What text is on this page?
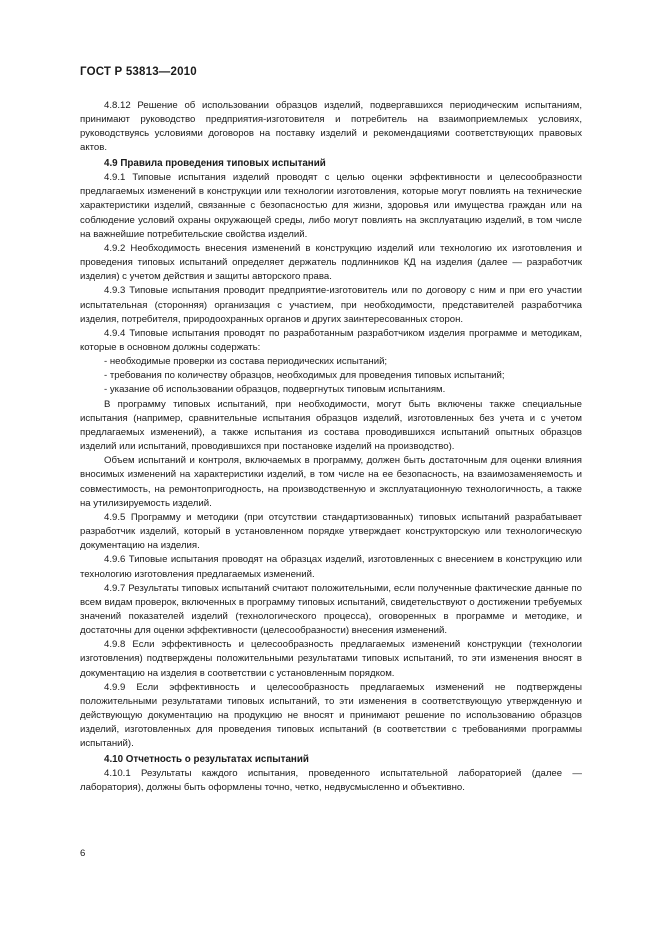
ГОСТ Р 53813—2010

4.8.12 Решение об использовании образцов изделий, подвергавшихся периодическим испытаниям, принимают руководство предприятия-изготовителя и потребитель на взаимоприемлемых условиях, руководствуясь условиями договоров на поставку изделий и рекомендациями соответствующих правовых актов.

4.9 Правила проведения типовых испытаний

4.9.1 Типовые испытания изделий проводят с целью оценки эффективности и целесообразности предлагаемых изменений в конструкции или технологии изготовления, которые могут повлиять на технические характеристики изделий, связанные с безопасностью для жизни, здоровья или имущества граждан или на соблюдение условий охраны окружающей среды, либо могут повлиять на эксплуатацию изделий, в том числе на важнейшие потребительские свойства изделий.

4.9.2 Необходимость внесения изменений в конструкцию изделий или технологию их изготовления и проведения типовых испытаний определяет держатель подлинников КД на изделия (далее — разработчик изделия) с учетом действия и защиты авторского права.

4.9.3 Типовые испытания проводит предприятие-изготовитель или по договору с ним и при его участии испытательная (сторонняя) организация с участием, при необходимости, представителей разработчика изделия, потребителя, природоохранных органов и других заинтересованных сторон.

4.9.4 Типовые испытания проводят по разработанным разработчиком изделия программе и методикам, которые в основном должны содержать:

- необходимые проверки из состава периодических испытаний;

- требования по количеству образцов, необходимых для проведения типовых испытаний;

- указание об использовании образцов, подвергнутых типовым испытаниям.

В программу типовых испытаний, при необходимости, могут быть включены также специальные испытания (например, сравнительные испытания образцов изделий, изготовленных без учета и с учетом предлагаемых изменений), а также испытания из состава проводившихся испытаний опытных образцов изделий или испытаний, проводившихся при постановке изделий на производство).

Объем испытаний и контроля, включаемых в программу, должен быть достаточным для оценки влияния вносимых изменений на характеристики изделий, в том числе на ее безопасность, на взаимозаменяемость и совместимость, на ремонтопригодность, на производственную и эксплуатационную технологичность, а также на утилизируемость изделий.

4.9.5 Программу и методики (при отсутствии стандартизованных) типовых испытаний разрабатывает разработчик изделий, который в установленном порядке утверждает конструкторскую или технологическую документацию на изделия.

4.9.6 Типовые испытания проводят на образцах изделий, изготовленных с внесением в конструкцию или технологию изготовления предлагаемых изменений.

4.9.7 Результаты типовых испытаний считают положительными, если полученные фактические данные по всем видам проверок, включенных в программу типовых испытаний, свидетельствуют о достижении требуемых значений показателей изделий (технологического процесса), оговоренных в программе и методике, и достаточны для оценки эффективности (целесообразности) внесения изменений.

4.9.8 Если эффективность и целесообразность предлагаемых изменений конструкции (технологии изготовления) подтверждены положительными результатами типовых испытаний, то эти изменения вносят в документацию на изделия в соответствии с установленным порядком.

4.9.9 Если эффективность и целесообразность предлагаемых изменений не подтверждены положительными результатами типовых испытаний, то эти изменения в соответствующую утвержденную и действующую документацию на продукцию не вносят и принимают решение по использованию образцов изделий, изготовленных для проведения типовых испытаний (в соответствии с требованиями программы испытаний).

4.10 Отчетность о результатах испытаний

4.10.1 Результаты каждого испытания, проведенного испытательной лабораторией (далее — лаборатория), должны быть оформлены точно, четко, недвусмысленно и объективно.

6
